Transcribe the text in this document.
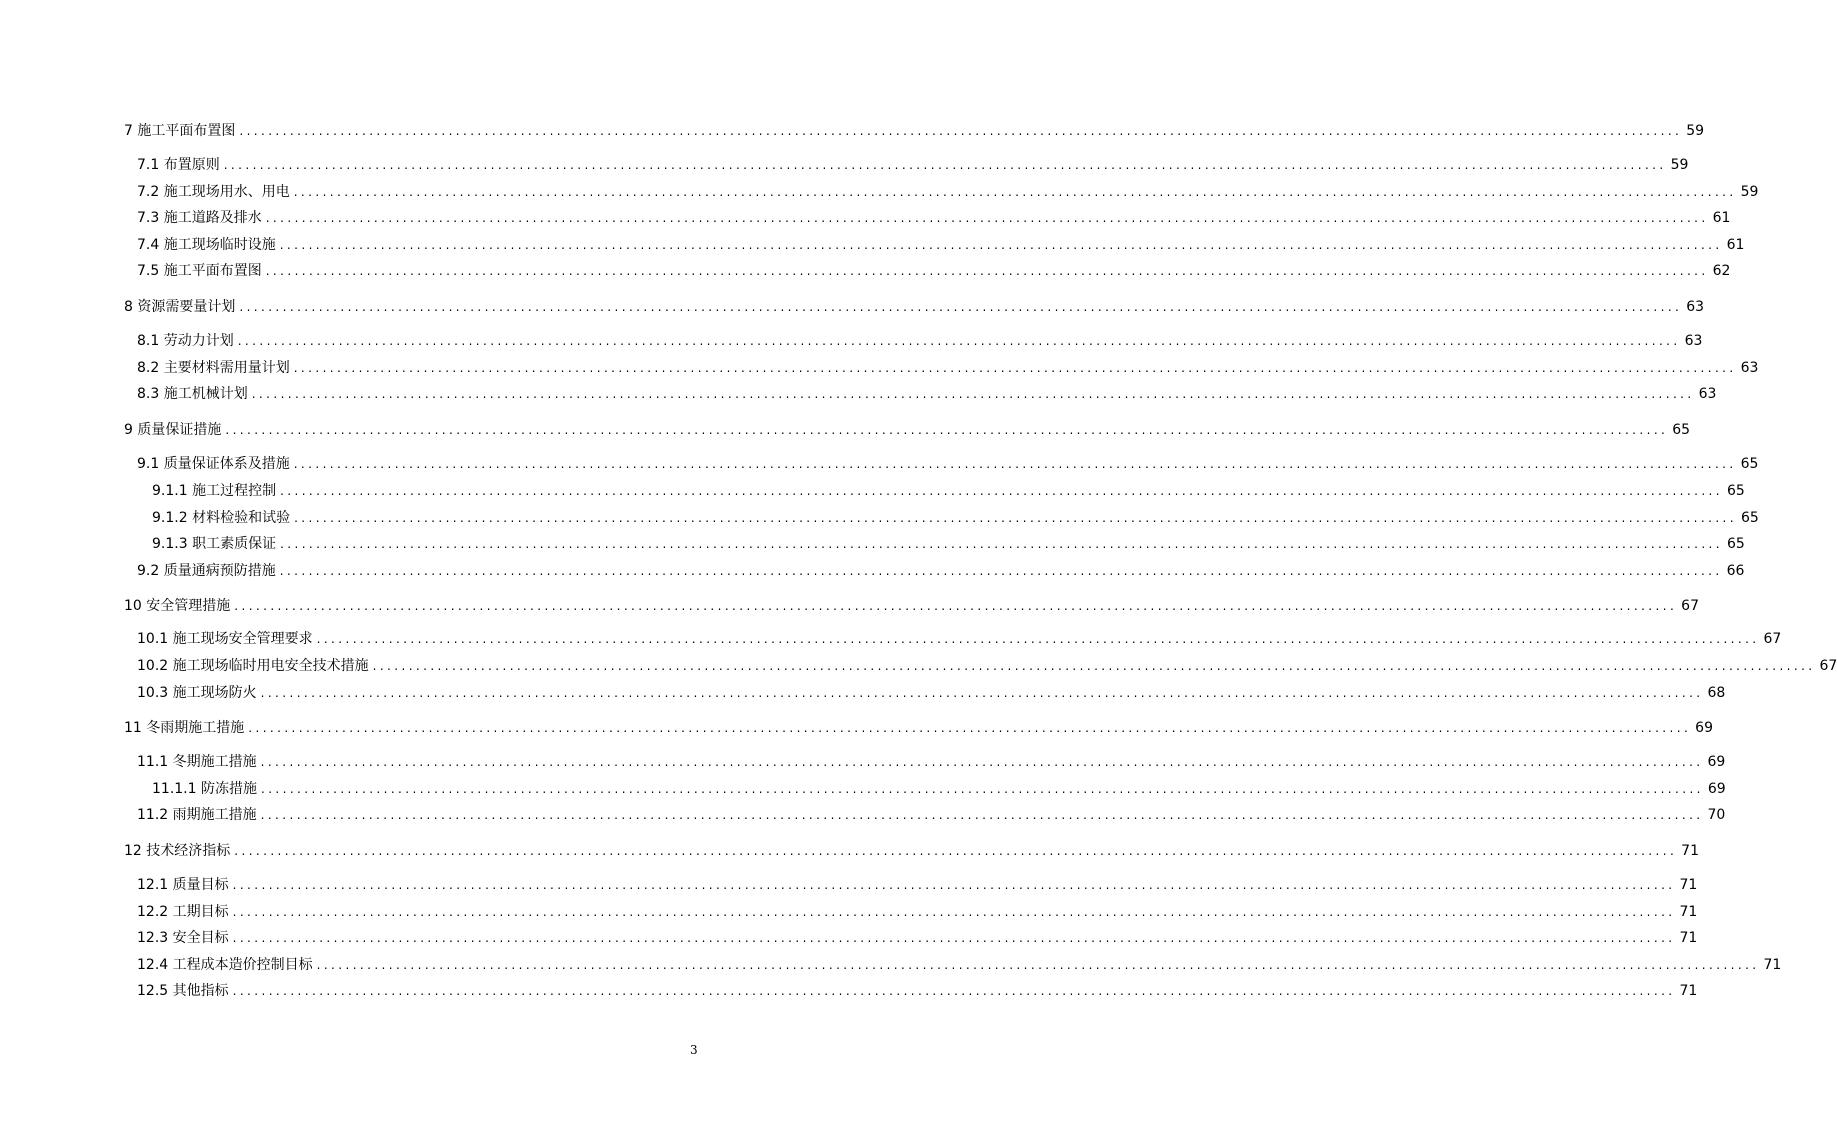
7 施工平面布置图 ........................................................................................................................................................................................................ 59
7.1 布置原则 ........................................................................................................................................................................................................ 59
7.2 施工现场用水、用电 ........................................................................................................................................................................................................ 59
7.3 施工道路及排水 ........................................................................................................................................................................................................ 61
7.4 施工现场临时设施 ........................................................................................................................................................................................................ 61
7.5 施工平面布置图 ........................................................................................................................................................................................................ 62
8 资源需要量计划 ........................................................................................................................................................................................................ 63
8.1 劳动力计划 ........................................................................................................................................................................................................ 63
8.2 主要材料需用量计划 ........................................................................................................................................................................................................ 63
8.3 施工机械计划 ........................................................................................................................................................................................................ 63
9 质量保证措施 ........................................................................................................................................................................................................ 65
9.1 质量保证体系及措施 ........................................................................................................................................................................................................ 65
9.1.1 施工过程控制 ........................................................................................................................................................................................................ 65
9.1.2 材料检验和试验 ........................................................................................................................................................................................................ 65
9.1.3 职工素质保证 ........................................................................................................................................................................................................ 65
9.2 质量通病预防措施 ........................................................................................................................................................................................................ 66
10 安全管理措施 ........................................................................................................................................................................................................ 67
10.1 施工现场安全管理要求 ........................................................................................................................................................................................................ 67
10.2 施工现场临时用电安全技术措施 ........................................................................................................................................................................................................ 67
10.3 施工现场防火 ........................................................................................................................................................................................................ 68
11 冬雨期施工措施 ........................................................................................................................................................................................................ 69
11.1 冬期施工措施 ........................................................................................................................................................................................................ 69
11.1.1 防冻措施 ........................................................................................................................................................................................................ 69
11.2 雨期施工措施 ........................................................................................................................................................................................................ 70
12 技术经济指标 ........................................................................................................................................................................................................ 71
12.1 质量目标 ........................................................................................................................................................................................................ 71
12.2 工期目标 ........................................................................................................................................................................................................ 71
12.3 安全目标 ........................................................................................................................................................................................................ 71
12.4 工程成本造价控制目标 ........................................................................................................................................................................................................ 71
12.5 其他指标 ........................................................................................................................................................................................................ 71
3
